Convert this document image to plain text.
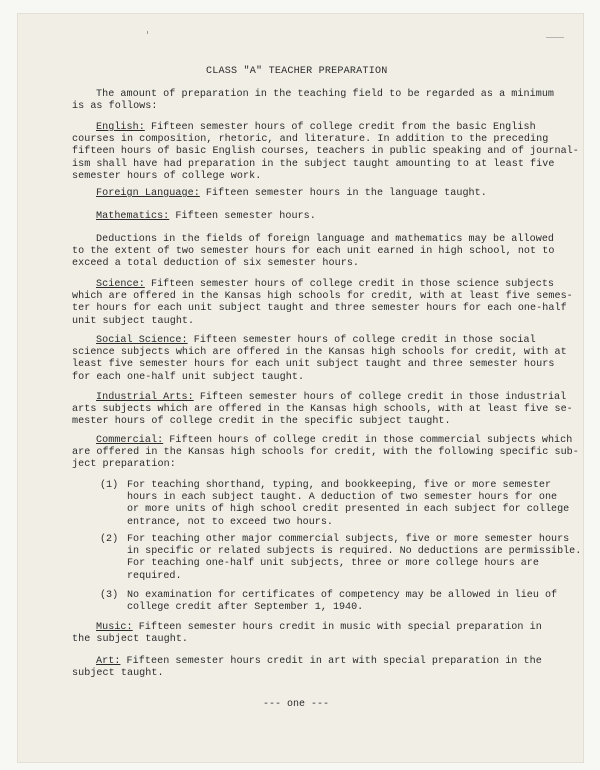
CLASS "A" TEACHER PREPARATION
The amount of preparation in the teaching field to be regarded as a minimum
is as follows:
English: Fifteen semester hours of college credit from the basic English
courses in composition, rhetoric, and literature. In addition to the preceding
fifteen hours of basic English courses, teachers in public speaking and of journal-
ism shall have had preparation in the subject taught amounting to at least five
semester hours of college work.
Foreign Language: Fifteen semester hours in the language taught.
Mathematics: Fifteen semester hours.
Deductions in the fields of foreign language and mathematics may be allowed
to the extent of two semester hours for each unit earned in high school, not to
exceed a total deduction of six semester hours.
Science: Fifteen semester hours of college credit in those science subjects
which are offered in the Kansas high schools for credit, with at least five semes-
ter hours for each unit subject taught and three semester hours for each one-half
unit subject taught.
Social Science: Fifteen semester hours of college credit in those social
science subjects which are offered in the Kansas high schools for credit, with at
least five semester hours for each unit subject taught and three semester hours
for each one-half unit subject taught.
Industrial Arts: Fifteen semester hours of college credit in those industrial
arts subjects which are offered in the Kansas high schools, with at least five se-
mester hours of college credit in the specific subject taught.
Commercial: Fifteen hours of college credit in those commercial subjects which
are offered in the Kansas high schools for credit, with the following specific sub-
ject preparation:
(1) For teaching shorthand, typing, and bookkeeping, five or more semester
hours in each subject taught. A deduction of two semester hours for one
or more units of high school credit presented in each subject for college
entrance, not to exceed two hours.
(2) For teaching other major commercial subjects, five or more semester hours
in specific or related subjects is required. No deductions are permissible.
For teaching one-half unit subjects, three or more college hours are
required.
(3) No examination for certificates of competency may be allowed in lieu of
college credit after September 1, 1940.
Music: Fifteen semester hours credit in music with special preparation in
the subject taught.
Art: Fifteen semester hours credit in art with special preparation in the
subject taught.
--- one ---
